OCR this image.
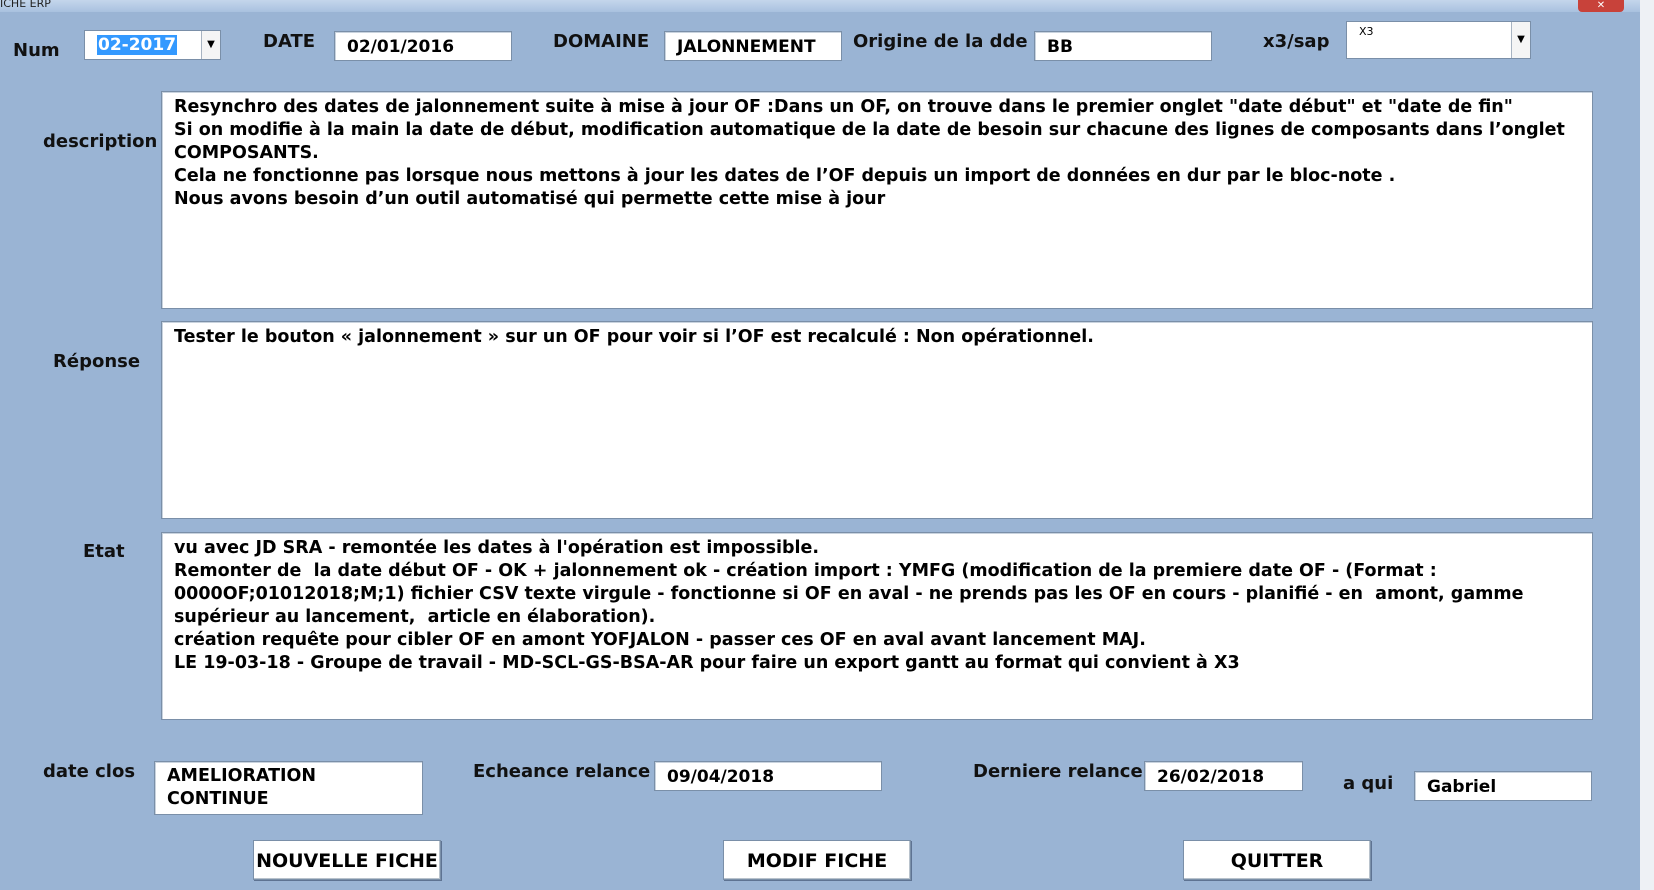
ICHE ERP	✕
Num 02-2017	▼	DATE	02/01/2016	DOMAINE	JALONNEMENT	Origine de la dde	BB	x3/sap	X3
▼
description
Resynchro des dates de jalonnement suite à mise à jour OF :Dans un OF, on trouve dans le premier onglet "date début" et "date de fin"
Si on modifie à la main la date de début, modification automatique de la date de besoin sur chacune des lignes de composants dans l’onglet COMPOSANTS.
Cela ne fonctionne pas lorsque nous mettons à jour les dates de l’OF depuis un import de données en dur par le bloc-note .
Nous avons besoin d’un outil automatisé qui permette cette mise à jour
Réponse
Tester le bouton « jalonnement » sur un OF pour voir si l’OF est recalculé : Non opérationnel.
Etat	vu avec JD SRA - remontée les dates à l'opération est impossible.
Remonter de  la date début OF - OK + jalonnement ok - création import : YMFG (modification de la premiere date OF - (Format : 0000OF;01012018;M;1) fichier CSV texte virgule - fonctionne si OF en aval - ne prends pas les OF en cours - planifié - en  amont, gamme supérieur au lancement,  article en élaboration).
création requête pour cibler OF en amont YOFJALON - passer ces OF en aval avant lancement MAJ.
LE 19-03-18 - Groupe de travail - MD-SCL-GS-BSA-AR pour faire un export gantt au format qui convient à X3
date clos	AMELIORATION
CONTINUE
Echeance relance 09/04/2018	Derniere relance 26/02/2018	a qui	Gabriel
NOUVELLE FICHE	MODIF FICHE	QUITTER
